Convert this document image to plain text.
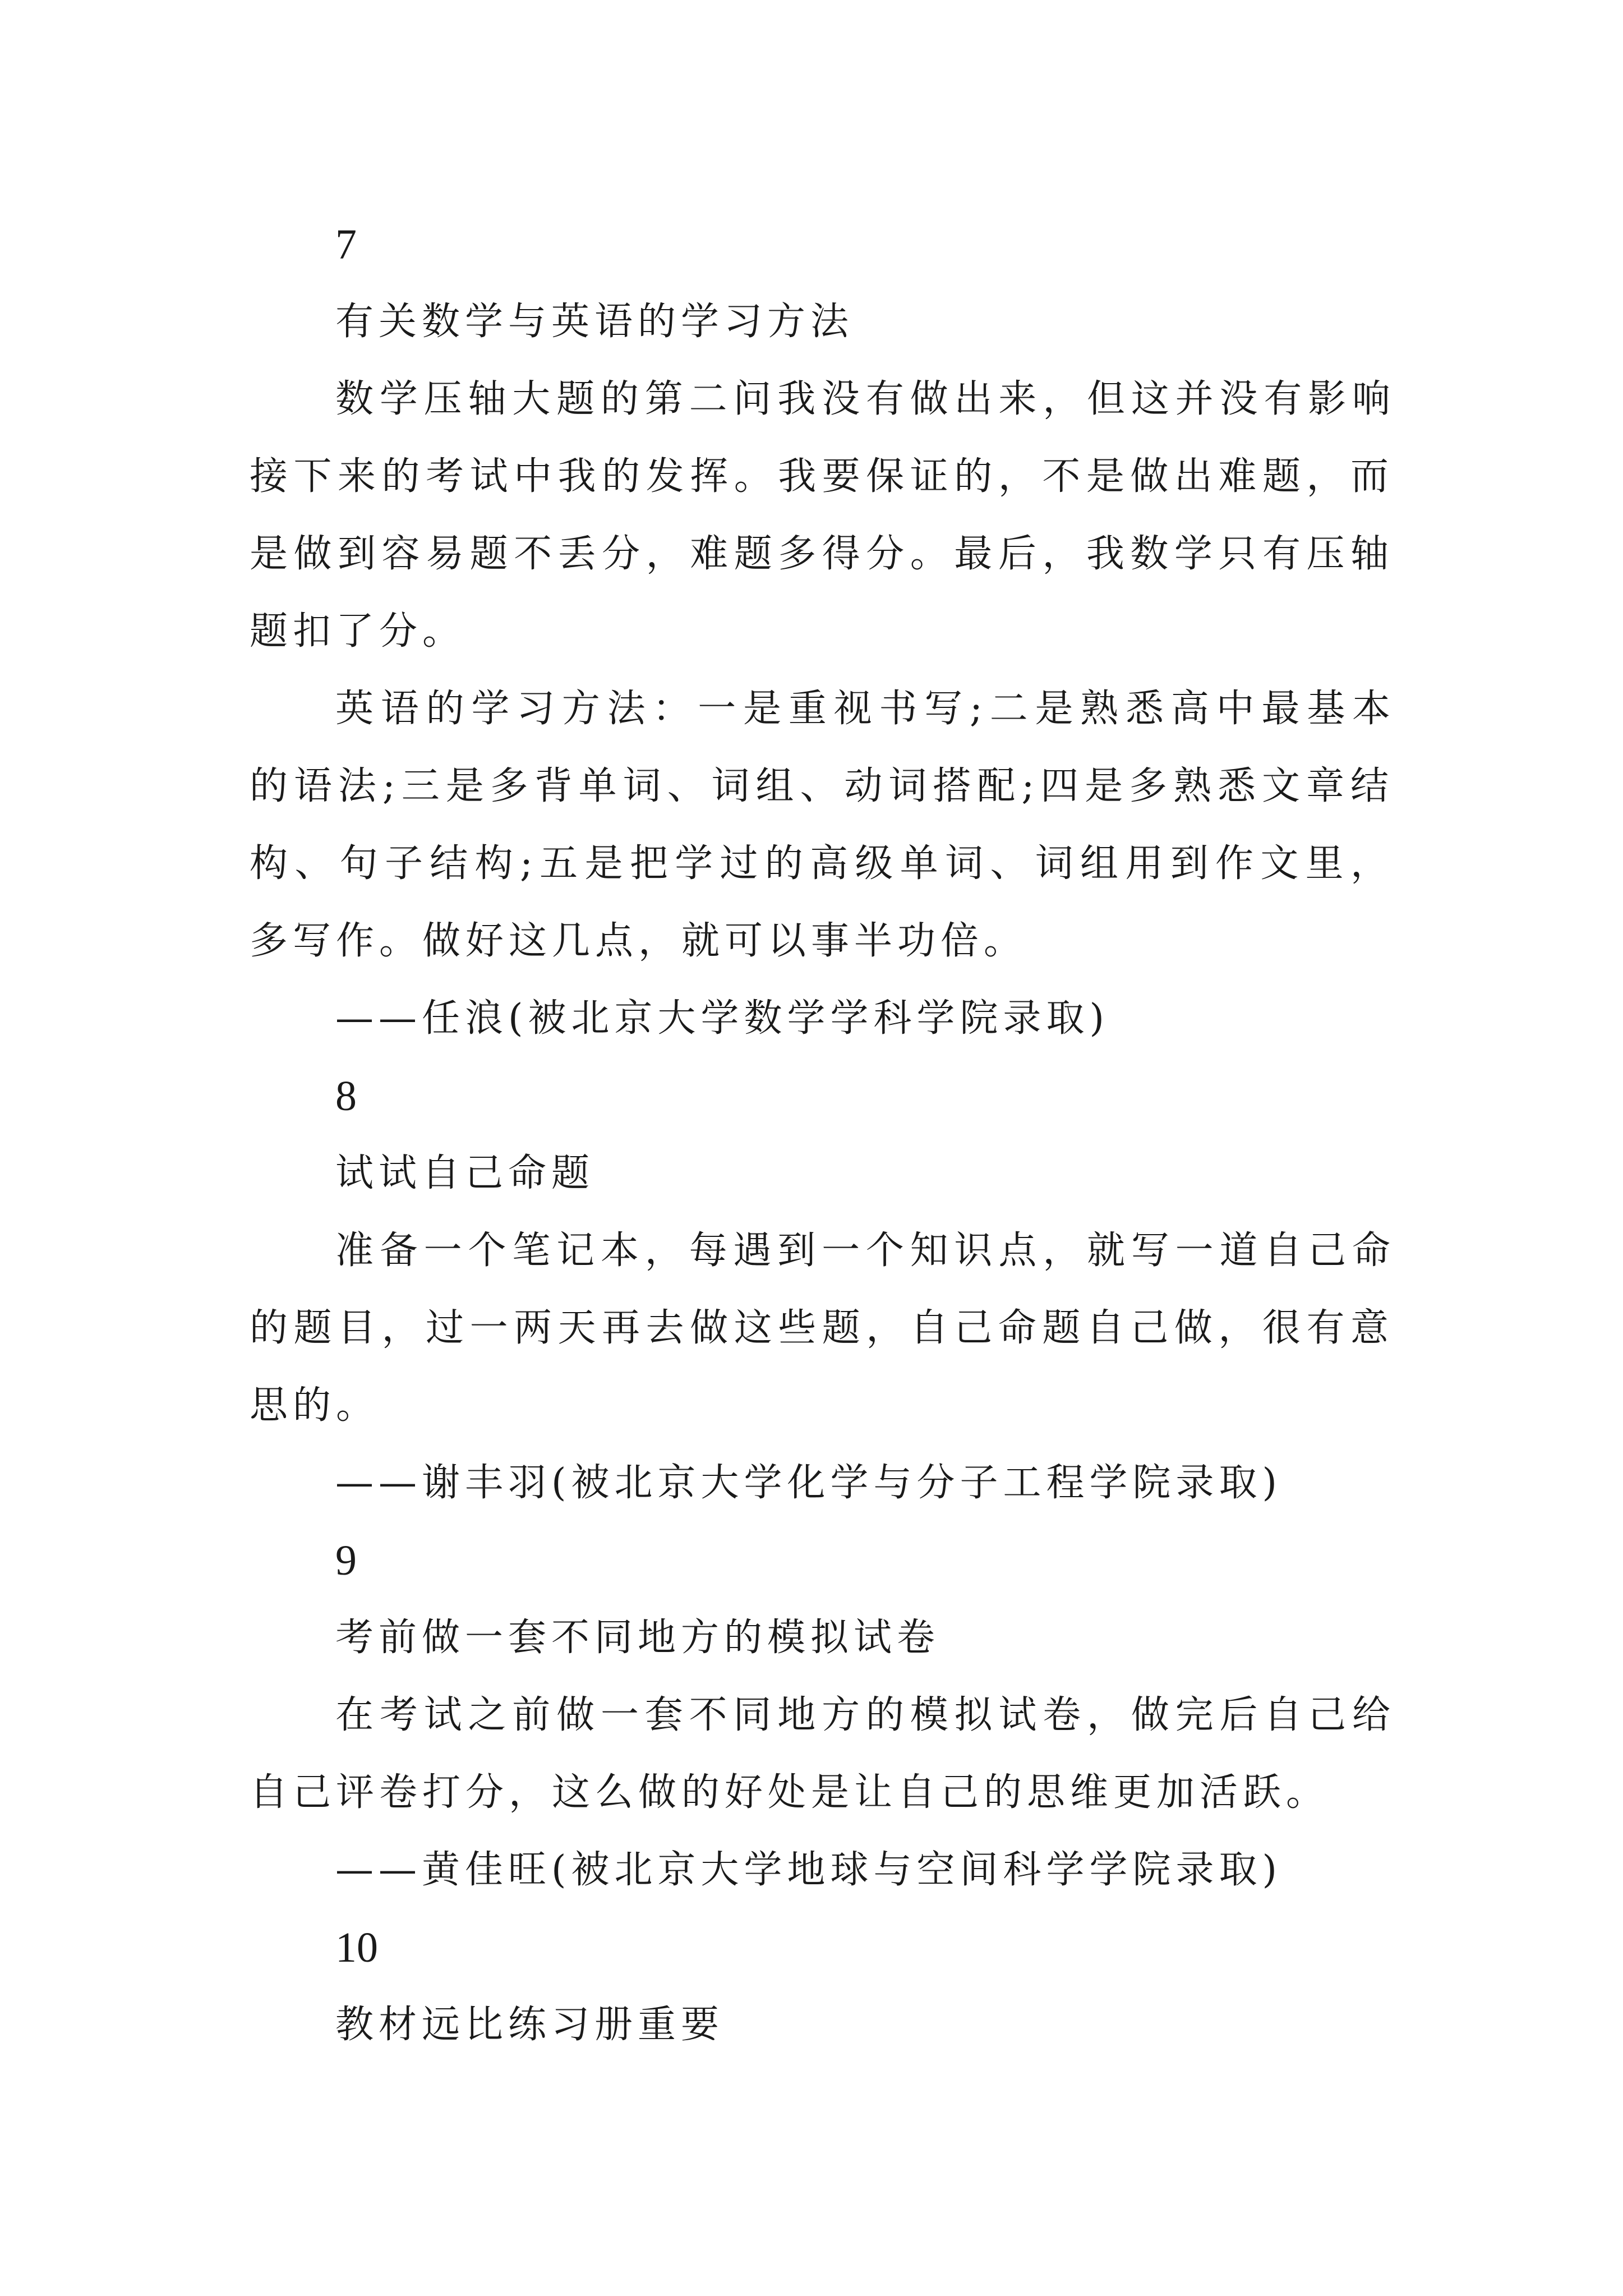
7
有关数学与英语的学习方法
数学压轴大题的第二问我没有做出来，但这并没有影响
接下来的考试中我的发挥。我要保证的，不是做出难题，而
是做到容易题不丢分，难题多得分。最后，我数学只有压轴
题扣了分。
英语的学习方法：一是重视书写;二是熟悉高中最基本
的语法;三是多背单词、词组、动词搭配;四是多熟悉文章结
构、句子结构;五是把学过的高级单词、词组用到作文里，
多写作。做好这几点，就可以事半功倍。
——任浪(被北京大学数学学科学院录取)
8
试试自己命题
准备一个笔记本，每遇到一个知识点，就写一道自己命
的题目，过一两天再去做这些题，自己命题自己做，很有意
思的。
——谢丰羽(被北京大学化学与分子工程学院录取)
9
考前做一套不同地方的模拟试卷
在考试之前做一套不同地方的模拟试卷，做完后自己给
自己评卷打分，这么做的好处是让自己的思维更加活跃。
——黄佳旺(被北京大学地球与空间科学学院录取)
10
教材远比练习册重要
